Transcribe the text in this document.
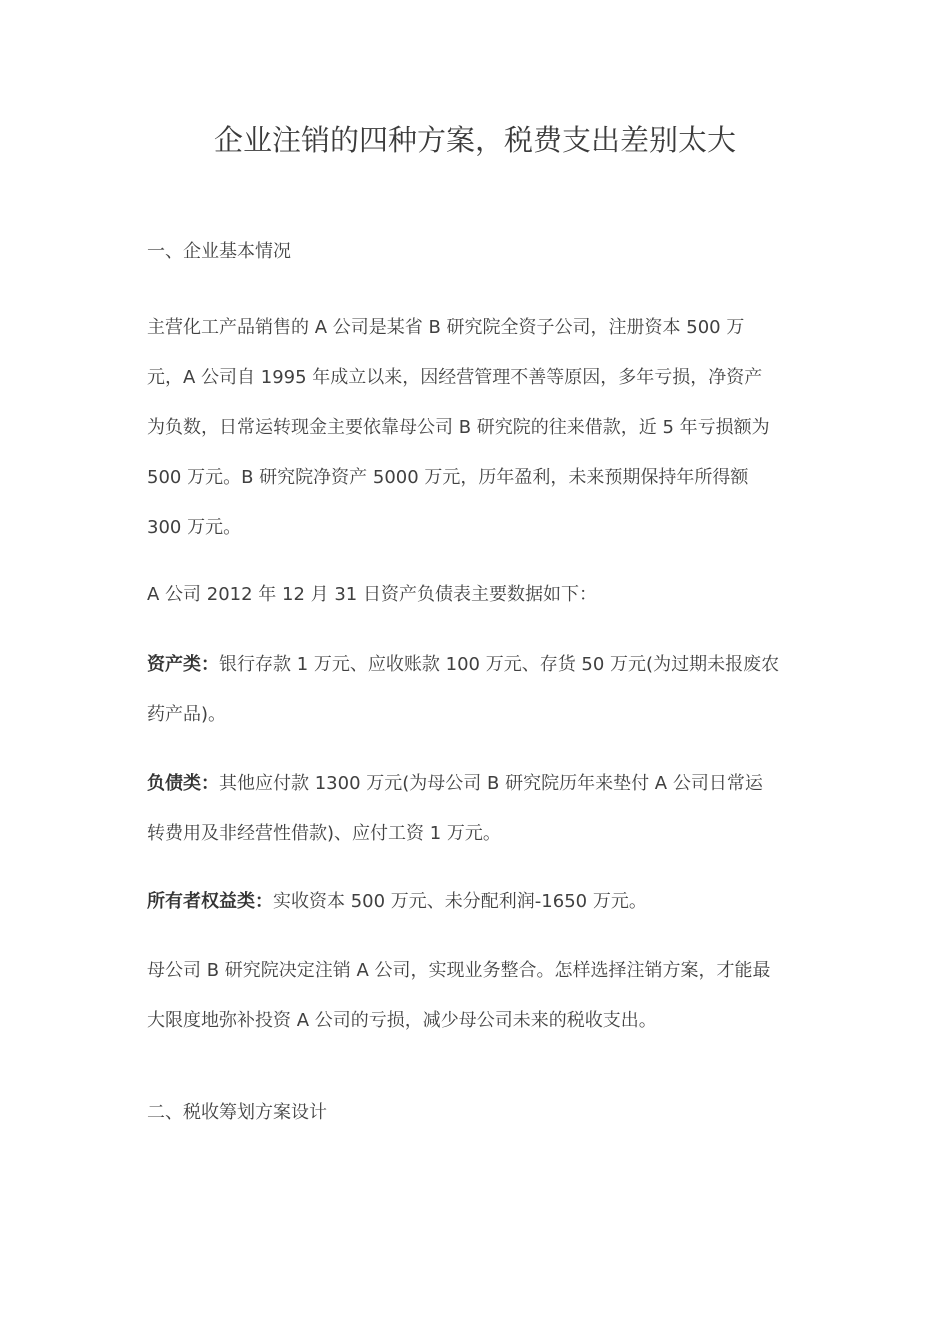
企业注销的四种方案，税费支出差别太大
一、企业基本情况

主营化工产品销售的 A 公司是某省 B 研究院全资子公司，注册资本 500 万
元，A 公司自 1995 年成立以来，因经营管理不善等原因，多年亏损，净资产
为负数，日常运转现金主要依靠母公司 B 研究院的往来借款，近 5 年亏损额为
500 万元。B 研究院净资产 5000 万元，历年盈利，未来预期保持年所得额
300 万元。

A 公司 2012 年 12 月 31 日资产负债表主要数据如下：

资产类：银行存款 1 万元、应收账款 100 万元、存货 50 万元(为过期未报废农
药产品)。

负债类：其他应付款 1300 万元(为母公司 B 研究院历年来垫付 A 公司日常运
转费用及非经营性借款)、应付工资 1 万元。

所有者权益类：实收资本 500 万元、未分配利润-1650 万元。

母公司 B 研究院决定注销 A 公司，实现业务整合。怎样选择注销方案，才能最
大限度地弥补投资 A 公司的亏损，减少母公司未来的税收支出。

二、税收筹划方案设计
